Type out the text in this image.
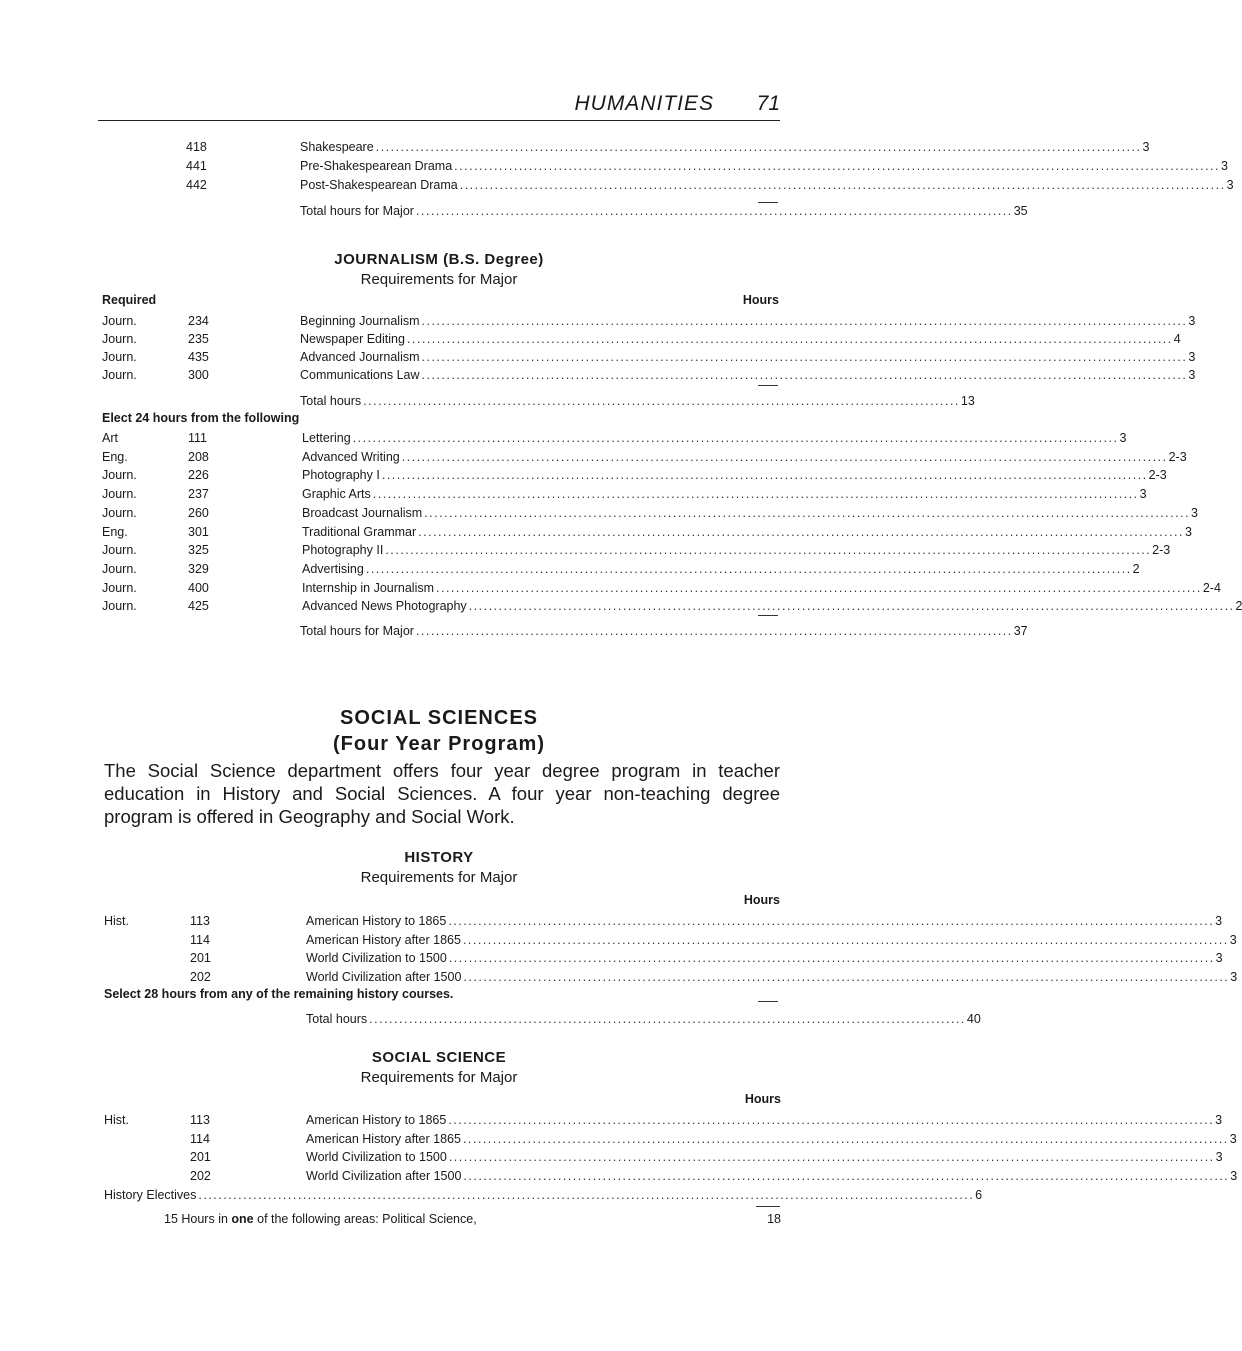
HUMANITIES 71
418	Shakespeare .......................................................................................................................................................... 3
441	Pre-Shakespearean Drama .......................................................................................................................................................... 3
442	Post-Shakespearean Drama .......................................................................................................................................................... 3
Total hours for Major ........................................................................................................................ 35
JOURNALISM (B.S. Degree)
Requirements for Major
Required	Hours
Journ.	234	Beginning Journalism .......................................................................................................................................................... 3
Journ.	235	Newspaper Editing .......................................................................................................................................................... 4
Journ.	435	Advanced Journalism .......................................................................................................................................................... 3
Journ.	300	Communications Law .......................................................................................................................................................... 3
Total hours ........................................................................................................................ 13
Elect 24 hours from the following
Art	111	Lettering .......................................................................................................................................................... 3
Eng.	208	Advanced Writing .......................................................................................................................................................... 2-3
Journ.	226	Photography I .......................................................................................................................................................... 2-3
Journ.	237	Graphic Arts .......................................................................................................................................................... 3
Journ.	260	Broadcast Journalism .......................................................................................................................................................... 3
Eng.	301	Traditional Grammar .......................................................................................................................................................... 3
Journ.	325	Photography II .......................................................................................................................................................... 2-3
Journ.	329	Advertising .......................................................................................................................................................... 2
Journ.	400	Internship in Journalism .......................................................................................................................................................... 2-4
Journ.	425	Advanced News Photography .......................................................................................................................................................... 2
Total hours for Major ........................................................................................................................ 37
SOCIAL SCIENCES
(Four Year Program)
The Social Science department offers four year degree program in teacher education in History and Social Sciences. A four year non-teaching degree program is offered in Geography and Social Work.
HISTORY
Requirements for Major
Hours
Hist.	113	American History to 1865 .......................................................................................................................................................... 3
114	American History after 1865 .......................................................................................................................................................... 3
201	World Civilization to 1500 .......................................................................................................................................................... 3
202	World Civilization after 1500 .......................................................................................................................................................... 3
Select 28 hours from any of the remaining history courses.
Total hours ........................................................................................................................ 40
SOCIAL SCIENCE
Requirements for Major
Hours
Hist.	113	American History to 1865 .......................................................................................................................................................... 3
114	American History after 1865 .......................................................................................................................................................... 3
201	World Civilization to 1500 .......................................................................................................................................................... 3
202	World Civilization after 1500 .......................................................................................................................................................... 3
History Electives ............................................................................................................................................................ 6
15 Hours in one of the following areas: Political Science,	18
